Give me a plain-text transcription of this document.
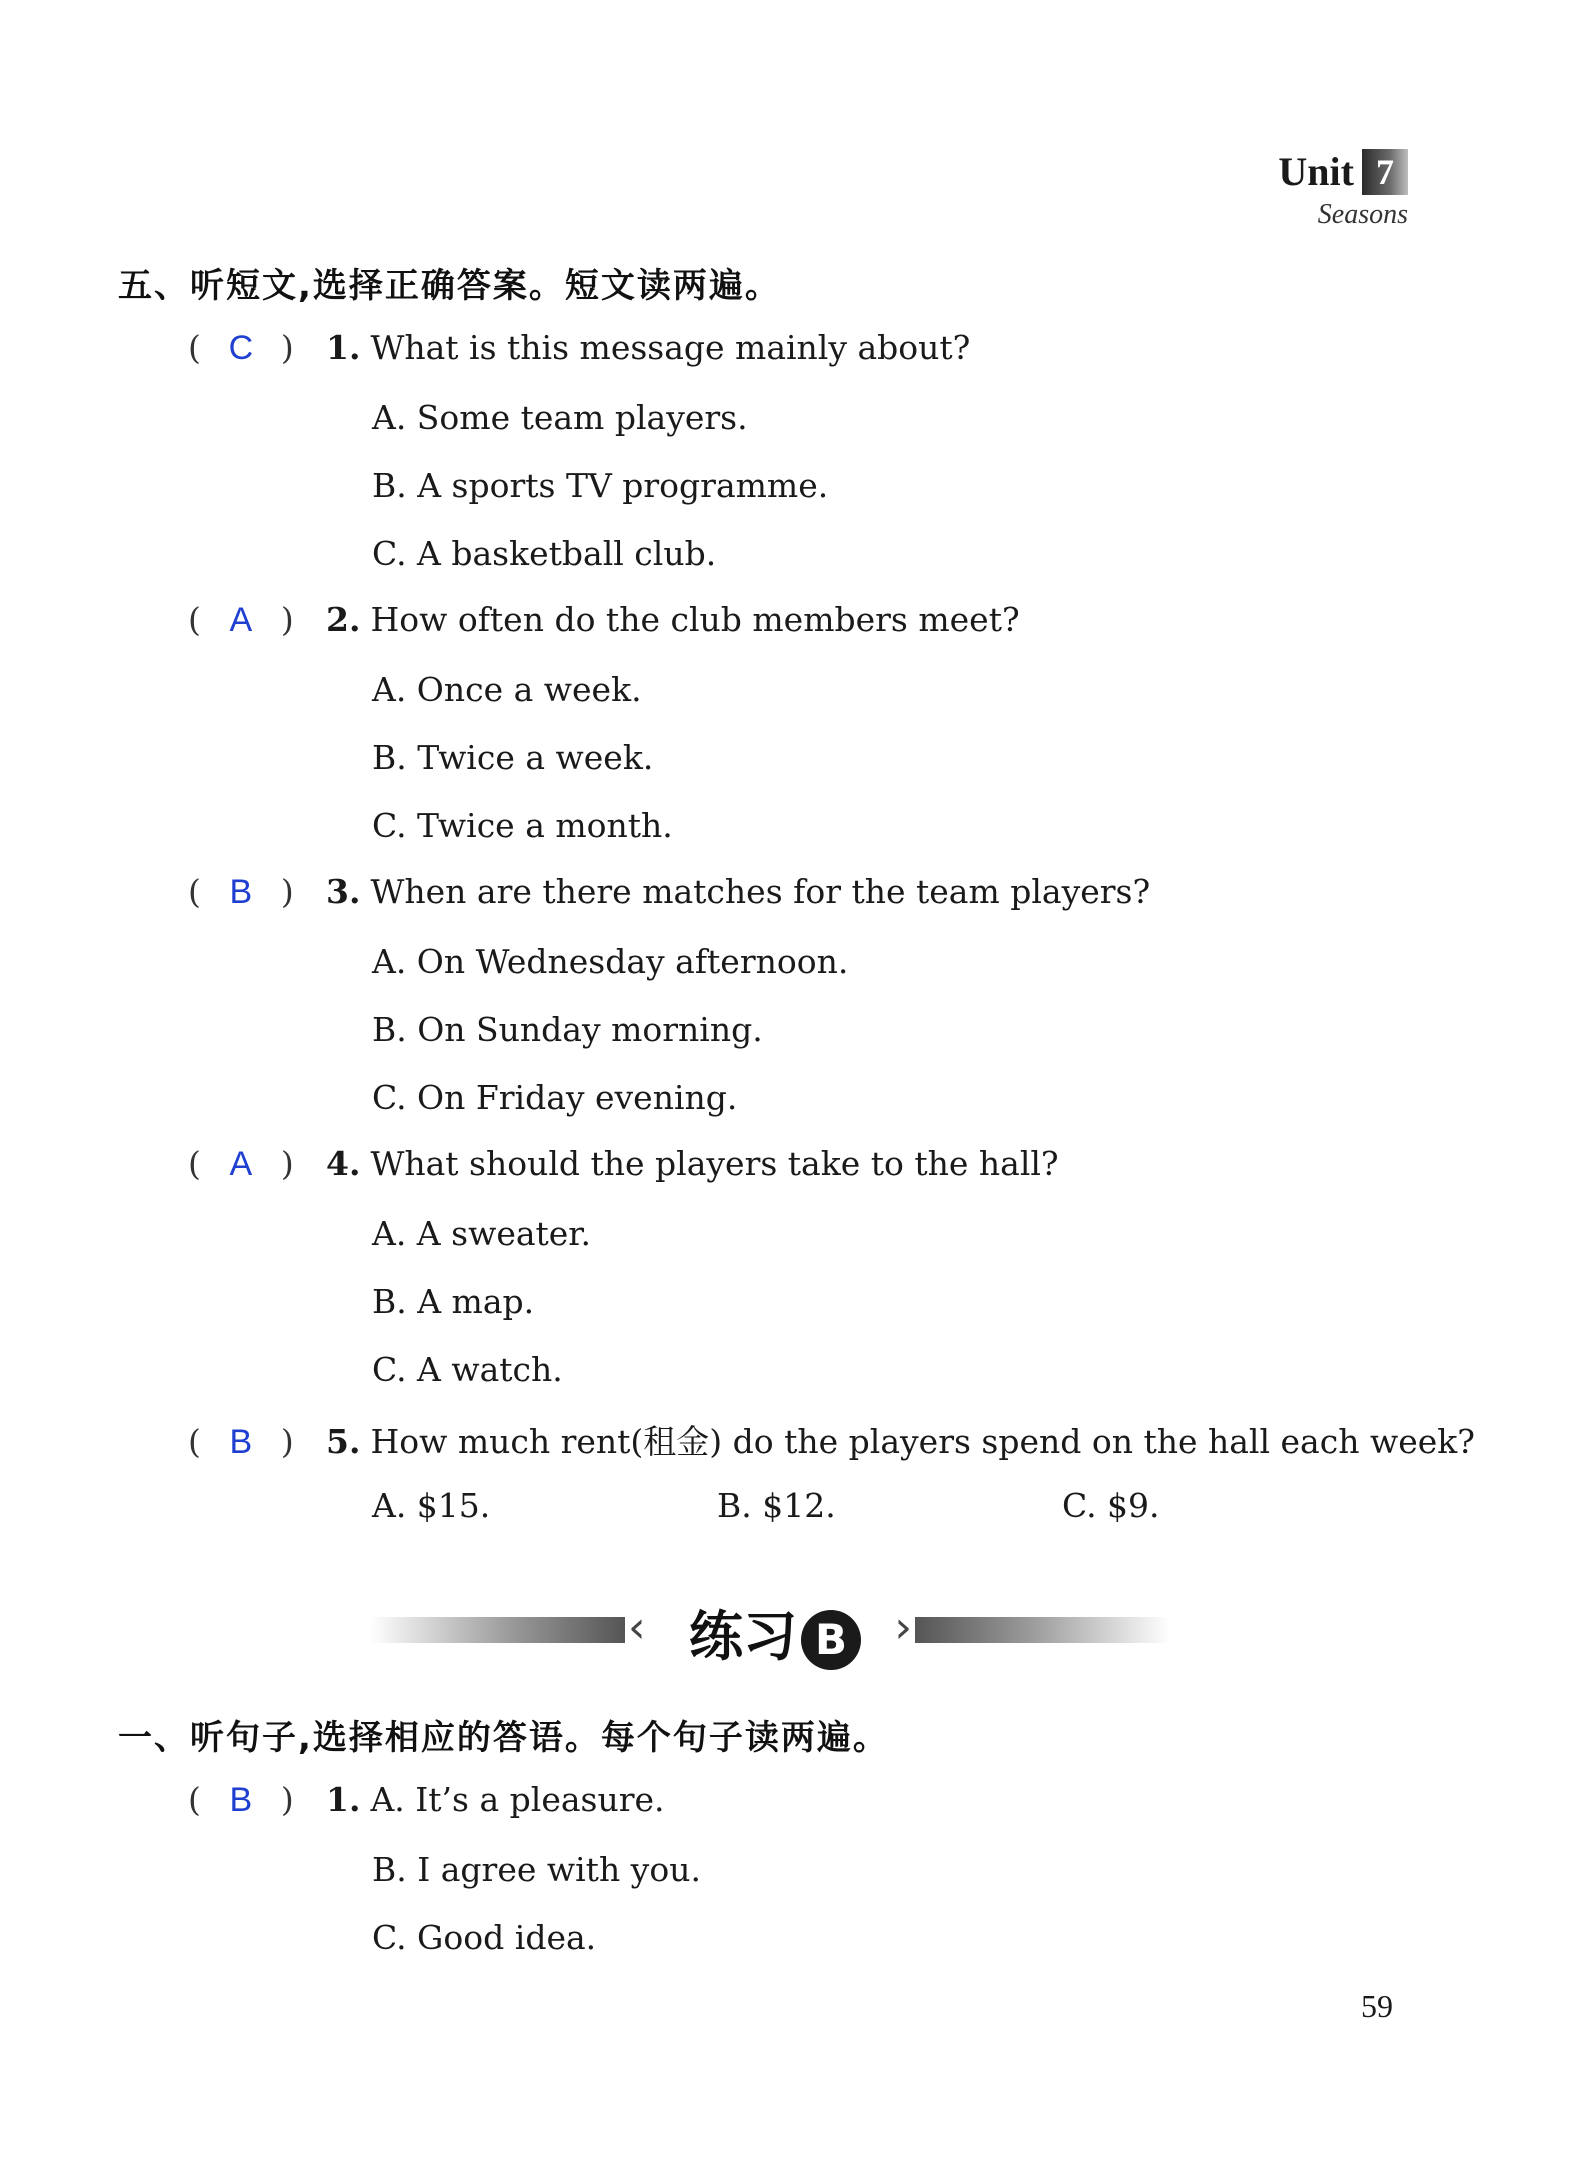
Unit 7
Seasons
五、听短文,选择正确答案。短文读两遍。
( C ) 1. What is this message mainly about?
A. Some team players.
B. A sports TV programme.
C. A basketball club.
( A ) 2. How often do the club members meet?
A. Once a week.
B. Twice a week.
C. Twice a month.
( B ) 3. When are there matches for the team players?
A. On Wednesday afternoon.
B. On Sunday morning.
C. On Friday evening.
( A ) 4. What should the players take to the hall?
A. A sweater.
B. A map.
C. A watch.
( B ) 5. How much rent(租金) do the players spend on the hall each week?
A. $15.	B. $12.	C. $9.
‹ 练习 B	›
一、听句子,选择相应的答语。每个句子读两遍。
( B ) 1. A. It’s a pleasure.
B. I agree with you.
C. Good idea.
59
